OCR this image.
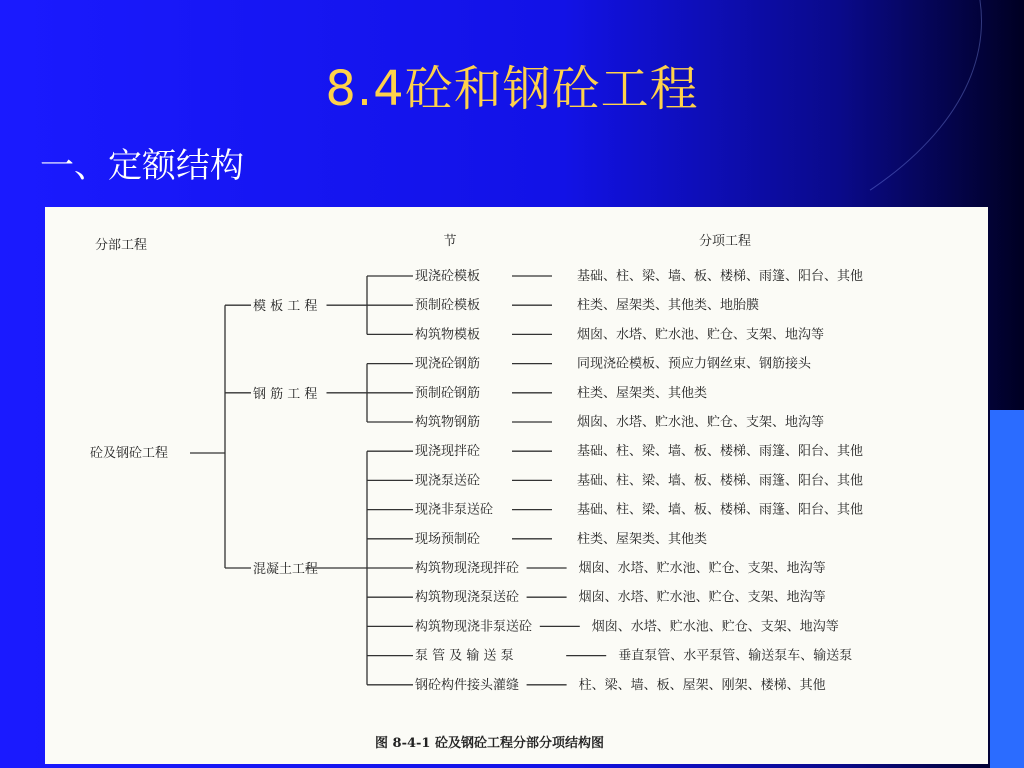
8.4砼和钢砼工程
一、定额结构
分部工程	节	分项工程
现浇砼模板	基础、柱、梁、墙、板、楼梯、雨篷、阳台、其他
预制砼模板	柱类、屋架类、其他类、地胎膜
构筑物模板	烟囱、水塔、贮水池、贮仓、支架、地沟等
模 板 工 程
现浇砼钢筋	同现浇砼模板、预应力钢丝束、钢筋接头
预制砼钢筋	柱类、屋架类、其他类
构筑物钢筋	烟囱、水塔、贮水池、贮仓、支架、地沟等
钢 筋 工 程
现浇现拌砼	基础、柱、梁、墙、板、楼梯、雨篷、阳台、其他
现浇泵送砼	基础、柱、梁、墙、板、楼梯、雨篷、阳台、其他
现浇非泵送砼	基础、柱、梁、墙、板、楼梯、雨篷、阳台、其他
现场预制砼	柱类、屋架类、其他类
构筑物现浇现拌砼	烟囱、水塔、贮水池、贮仓、支架、地沟等
构筑物现浇泵送砼	烟囱、水塔、贮水池、贮仓、支架、地沟等
构筑物现浇非泵送砼	烟囱、水塔、贮水池、贮仓、支架、地沟等
泵 管 及 输 送 泵	垂直泵管、水平泵管、输送泵车、输送泵
钢砼构件接头灌缝	柱、梁、墙、板、屋架、刚架、楼梯、其他
混凝土工程
砼及钢砼工程
图 8-4-1 砼及钢砼工程分部分项结构图
